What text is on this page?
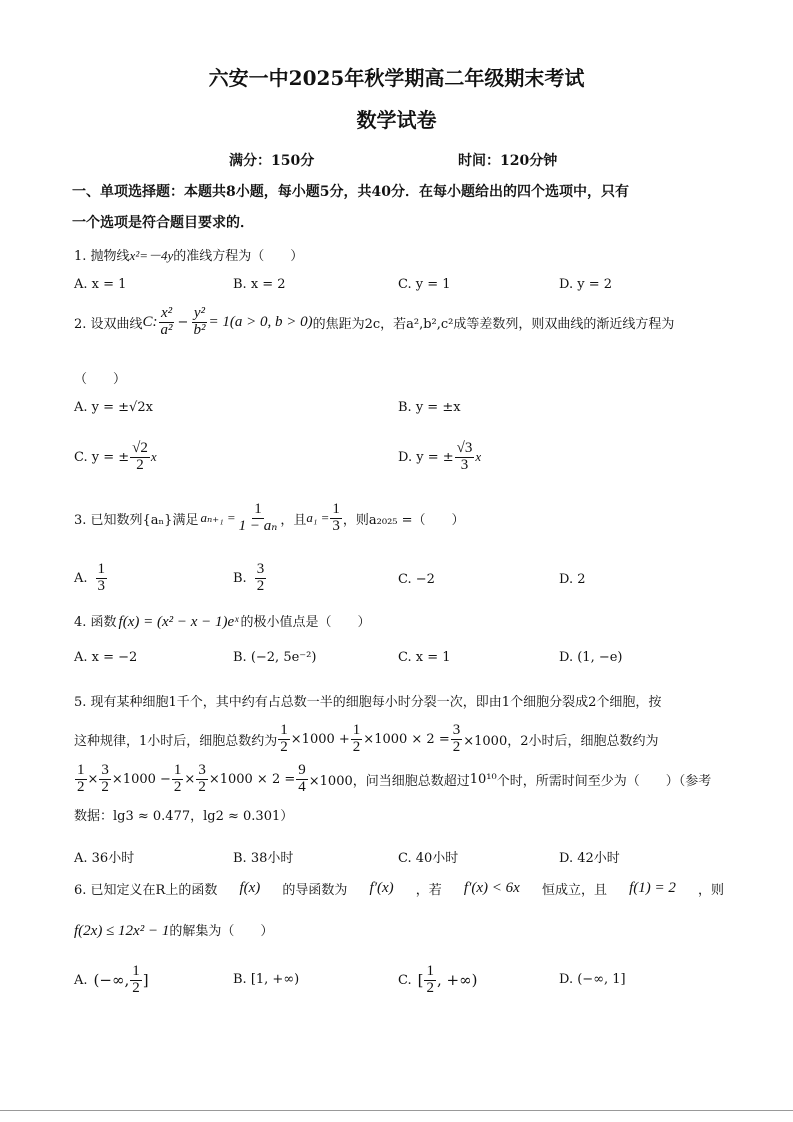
六安一中2025年秋学期高二年级期末考试
数学试卷
满分：150分	时间：120分钟
一、单项选择题：本题共8小题，每小题5分，共40分．在每小题给出的四个选项中，只有
一个选项是符合题目要求的．
1. 抛物线x²=－4y的准线方程为（　　）
A. x = 1	B. x = 2	C. y = 1	D. y = 2
2. 设双曲线 C: $\frac{\text{x²}}{\text{a²}} - \frac{\text{y²}}{\text{b²}} = 1(a > 0$, b > 0) 的焦距为2c，若a²,b²,c²成等差数列，则双曲线的渐近线方程为
（　　）
A. y = ±√2x	B. y = ±x
C. y = ± $\frac{√2}{2}$ x	D. y = ± $\frac{√3}{3}$ x
3. 已知数列{aₙ}满足 $a_{n+1} = \frac{1}{\text{1 − aₙ}}$ ，且 $a_1 = \frac{1}{3}$ ，则a₂₀₂₅ =（　　）
A. $\frac{1}{3}$	B. $\frac{3}{2}$	C. −2	D. 2
4. 函数 f(x) = (x² − x − 1)eˣ 的极小值点是（　　）
A. x = −2	B. (−2, 5e⁻²)	C. x = 1	D. (1, −e)
5. 现有某种细胞1千个，其中约有占总数一半的细胞每小时分裂一次，即由1个细胞分裂成2个细胞，按
这种规律，1小时后，细胞总数约为 $\frac{1}{2} \times 1000 + \frac{1}{2} \times 1000 \times 2 = \frac{3}{2} \times 1000$，2小时后，细胞总数约为
$\frac{1}{2} \times \frac{3}{2} \times 1000 - \frac{1}{2} \times \frac{3}{2} \times 1000 \times 2 = \frac{9}{4} \times 1000$，问当细胞总数超过 10¹⁰ 个时，所需时间至少为（　　）（参考
数据：lg3 ≈ 0.477，lg2 ≈ 0.301）
A. 36小时	B. 38小时	C. 40小时	D. 42小时
6. 已知定义在R上的函数 f(x) 的导函数为 f′(x) ，若 f′(x) < 6x 恒成立，且 f(1) = 2 ，则
f(2x) ≤ 12x² − 1的解集为（　　）
A. (−∞, $\frac{1}{2}$ ]	B. [1, +∞)	C. [ $\frac{1}{2}$ , +∞)	D. (−∞, 1]
